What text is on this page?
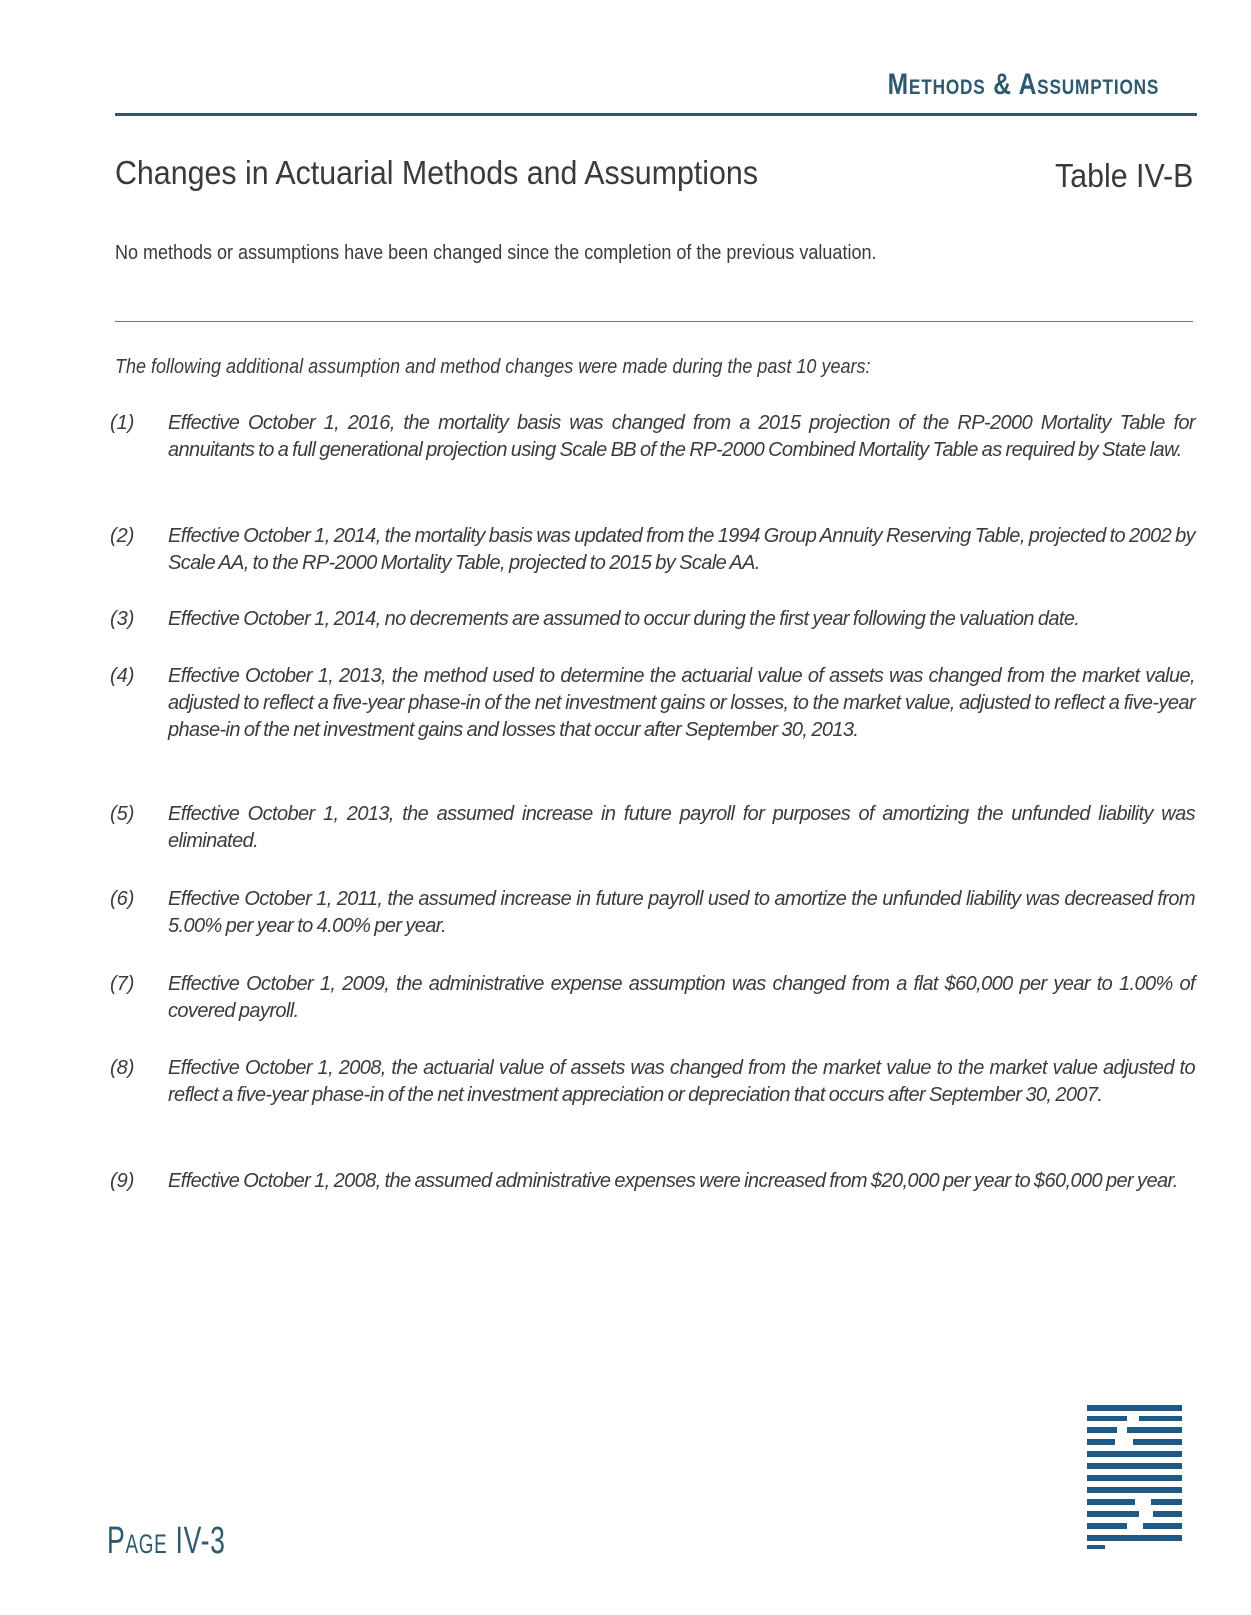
Methods & Assumptions
Changes in Actuarial Methods and Assumptions	Table IV-B
No methods or assumptions have been changed since the completion of the previous valuation.
The following additional assumption and method changes were made during the past 10 years:
(1)	Effective October 1, 2016, the mortality basis was changed from a 2015 projection of the RP-2000 Mortality Table for annuitants to a full generational projection using Scale BB of the RP-2000 Combined Mortality Table as required by State law.
(2)	Effective October 1, 2014, the mortality basis was updated from the 1994 Group Annuity Reserving Table, projected to 2002 by Scale AA, to the RP-2000 Mortality Table, projected to 2015 by Scale AA.
(3)	Effective October 1, 2014, no decrements are assumed to occur during the first year following the valuation date.
(4)	Effective October 1, 2013, the method used to determine the actuarial value of assets was changed from the market value, adjusted to reflect a five-year phase-in of the net investment gains or losses, to the market value, adjusted to reflect a five-year phase-in of the net investment gains and losses that occur after September 30, 2013.
(5)	Effective October 1, 2013, the assumed increase in future payroll for purposes of amortizing the unfunded liability was eliminated.
(6)	Effective October 1, 2011, the assumed increase in future payroll used to amortize the unfunded liability was decreased from 5.00% per year to 4.00% per year.
(7)	Effective October 1, 2009, the administrative expense assumption was changed from a flat $60,000 per year to 1.00% of covered payroll.
(8)	Effective October 1, 2008, the actuarial value of assets was changed from the market value to the market value adjusted to reflect a five-year phase-in of the net investment appreciation or depreciation that occurs after September 30, 2007.
(9)	Effective October 1, 2008, the assumed administrative expenses were increased from $20,000 per year to $60,000 per year.
Page IV-3
